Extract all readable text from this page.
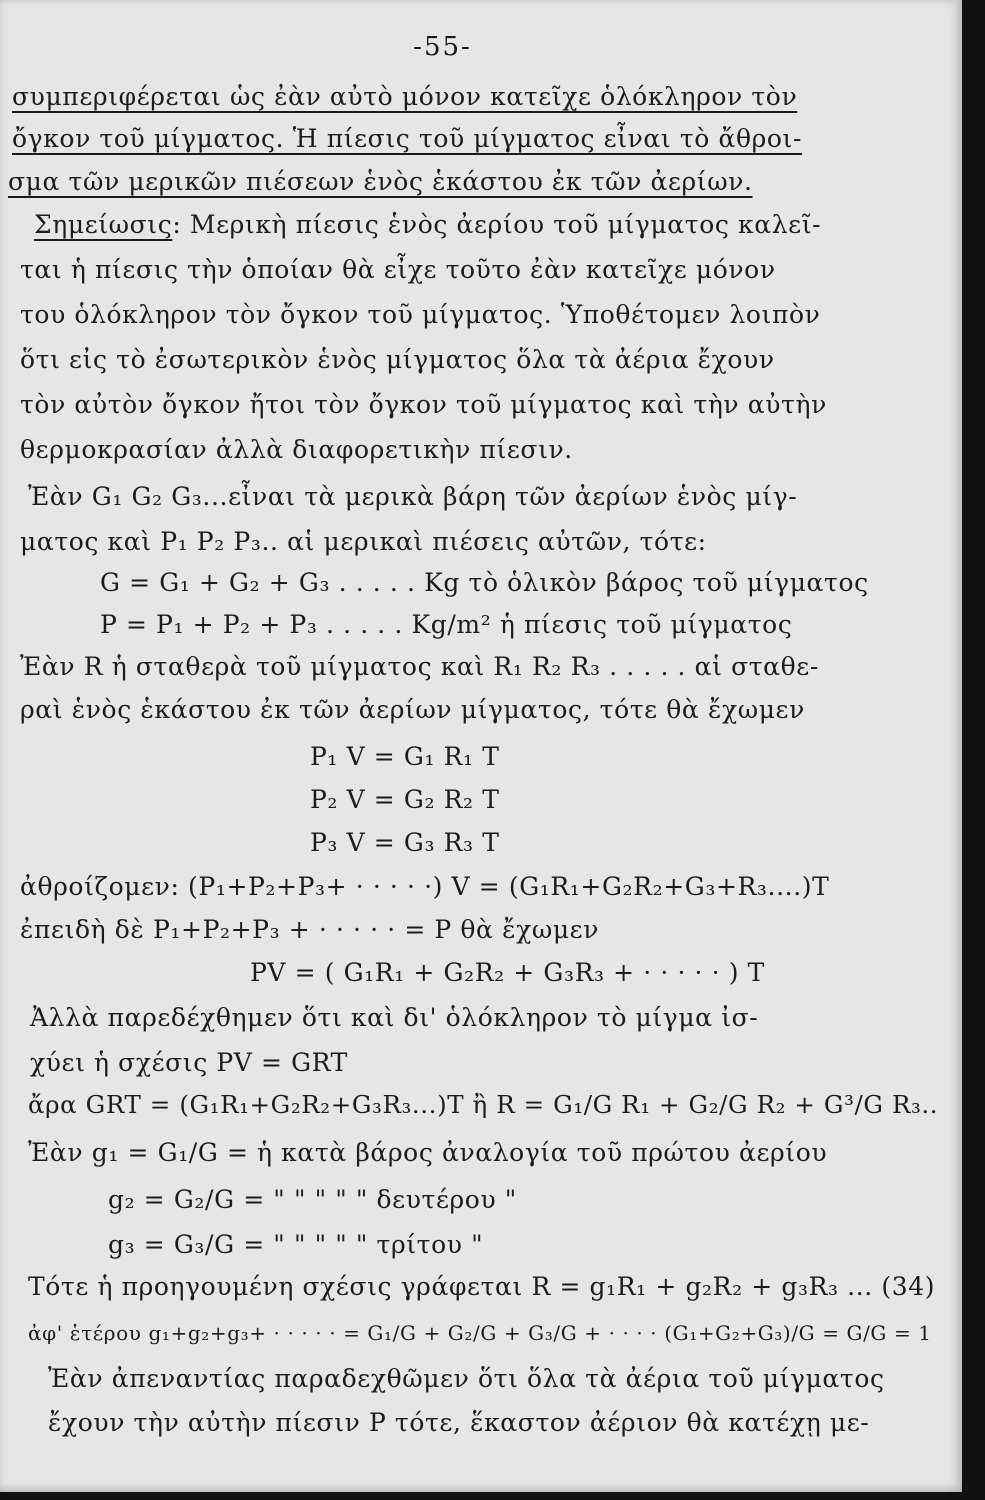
-55-
συμπεριφέρεται ὡς ἐὰν αὐτὸ μόνον κατεῖχε ὁλόκληρον τὸν
ὄγκον τοῦ μίγματος. Ἡ πίεσις τοῦ μίγματος εἶναι τὸ ἄθροι-
σμα τῶν μερικῶν πιέσεων ἑνὸς ἑκάστου ἐκ τῶν ἀερίων.
Σημείωσις: Μερικὴ πίεσις ἑνὸς ἀερίου τοῦ μίγματος καλεῖ-
ται ἡ πίεσις τὴν ὁποίαν θὰ εἶχε τοῦτο ἐὰν κατεῖχε μόνον
του ὁλόκληρον τὸν ὄγκον τοῦ μίγματος. Ὑποθέτομεν λοιπὸν
ὅτι εἰς τὸ ἐσωτερικὸν ἑνὸς μίγματος ὅλα τὰ ἀέρια ἔχουν
τὸν αὐτὸν ὄγκον ἤτοι τὸν ὄγκον τοῦ μίγματος καὶ τὴν αὐτὴν
θερμοκρασίαν ἀλλὰ διαφορετικὴν πίεσιν.
Ἐὰν G₁ G₂ G₃...εἶναι τὰ μερικὰ βάρη τῶν ἀερίων ἑνὸς μίγ-
ματος καὶ P₁ P₂ P₃.. αἱ μερικαὶ πιέσεις αὐτῶν, τότε:
G = G₁ + G₂ + G₃ . . . . . Kg τὸ ὁλικὸν βάρος τοῦ μίγματος
P = P₁ + P₂ + P₃ . . . . . Kg/m² ἡ πίεσις τοῦ μίγματος
Ἐὰν R ἡ σταθερὰ τοῦ μίγματος καὶ R₁ R₂ R₃ . . . . . αἱ σταθε-
ραὶ ἑνὸς ἑκάστου ἐκ τῶν ἀερίων μίγματος, τότε θὰ ἔχωμεν
P₁ V = G₁ R₁ T
P₂ V = G₂ R₂ T
P₃ V = G₃ R₃ T
ἀθροίζομεν: (P₁+P₂+P₃+ · · · · ·) V = (G₁R₁+G₂R₂+G₃+R₃....)T
ἐπειδὴ δὲ P₁+P₂+P₃ + · · · · · = P θὰ ἔχωμεν
PV = ( G₁R₁ + G₂R₂ + G₃R₃ + · · · · · ) T
Ἀλλὰ παρεδέχθημεν ὅτι καὶ δι' ὁλόκληρον τὸ μίγμα ἰσ-
χύει ἡ σχέσις PV = GRT
ἄρα GRT = (G₁R₁+G₂R₂+G₃R₃...)T ἢ R = G₁/G R₁ + G₂/G R₂ + G³/G R₃..
Ἐὰν g₁ = G₁/G = ἡ κατὰ βάρος ἀναλογία τοῦ πρώτου ἀερίου
g₂ = G₂/G = " " " " " δευτέρου "
g₃ = G₃/G = " " " " " τρίτου "
Τότε ἡ προηγουμένη σχέσις γράφεται R = g₁R₁ + g₂R₂ + g₃R₃ ... (34)
ἀφ' ἑτέρου g₁+g₂+g₃+ · · · · · = G₁/G + G₂/G + G₃/G + · · · · (G₁+G₂+G₃)/G = G/G = 1
Ἐὰν ἀπεναντίας παραδεχθῶμεν ὅτι ὅλα τὰ ἀέρια τοῦ μίγματος
ἔχουν τὴν αὐτὴν πίεσιν P τότε, ἕκαστον ἀέριον θὰ κατέχῃ με-
